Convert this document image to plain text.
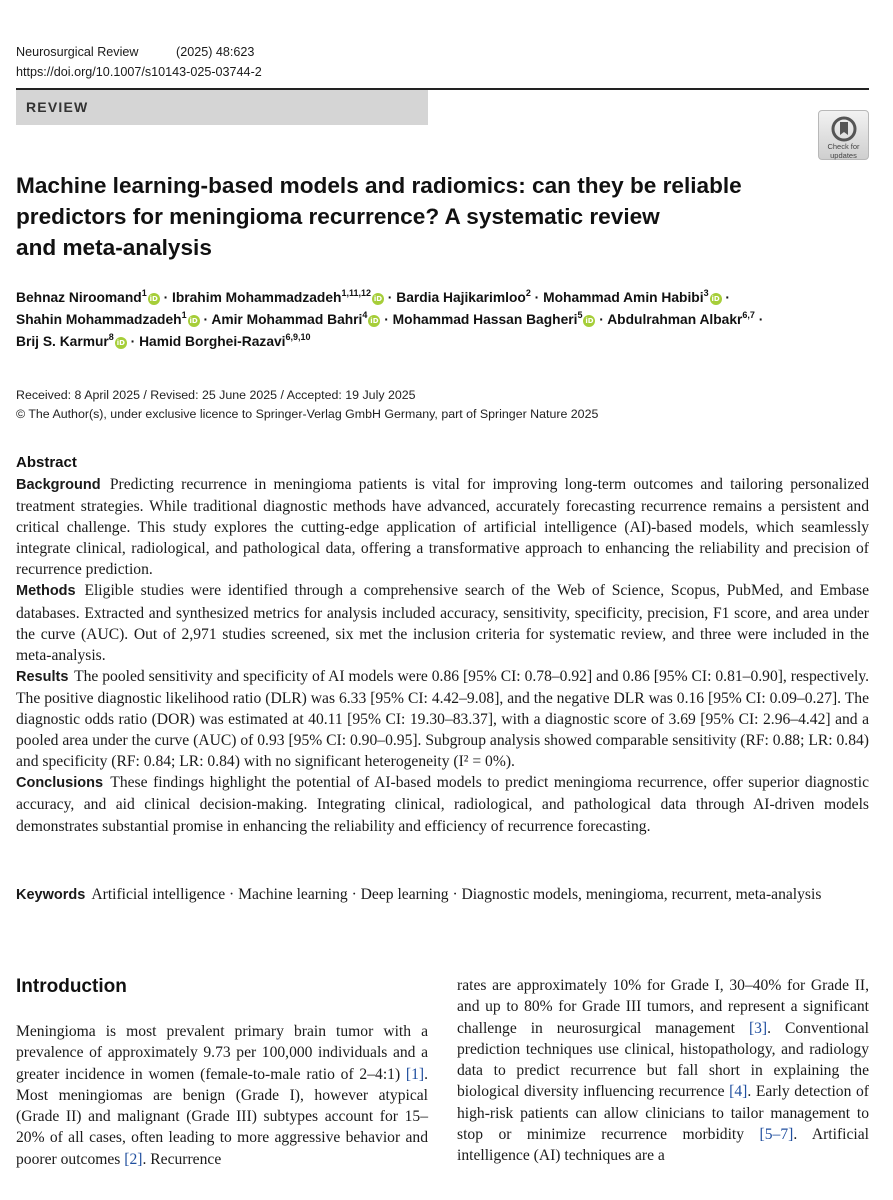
Neurosurgical Review	(2025) 48:623
https://doi.org/10.1007/s10143-025-03744-2
REVIEW
Check for
updates
Machine learning-based models and radiomics: can they be reliable
predictors for meningioma recurrence? A systematic review
and meta-analysis
Behnaz Niroomand$^1$iD · Ibrahim Mohammadzadeh$^{1,11,12}$iD · Bardia Hajikarimloo$^2$ · Mohammad Amin Habibi$^3$iD ·
Shahin Mohammadzadeh$^1$iD · Amir Mohammad Bahri$^4$iD · Mohammad Hassan Bagheri$^5$iD · Abdulrahman Albakr$^{6,7}$ ·
Brij S. Karmur$^8$iD · Hamid Borghei-Razavi$^{6,9,10}$
Received: 8 April 2025 / Revised: 25 June 2025 / Accepted: 19 July 2025
© The Author(s), under exclusive licence to Springer-Verlag GmbH Germany, part of Springer Nature 2025
Abstract

Background Predicting recurrence in meningioma patients is vital for improving long-term outcomes and tailoring personalized treatment strategies. While traditional diagnostic methods have advanced, accurately forecasting recurrence remains a persistent and critical challenge. This study explores the cutting-edge application of artificial intelligence (AI)-based models, which seamlessly integrate clinical, radiological, and pathological data, offering a transformative approach to enhancing the reliability and precision of recurrence prediction.

Methods Eligible studies were identified through a comprehensive search of the Web of Science, Scopus, PubMed, and Embase databases. Extracted and synthesized metrics for analysis included accuracy, sensitivity, specificity, precision, F1 score, and area under the curve (AUC). Out of 2,971 studies screened, six met the inclusion criteria for systematic review, and three were included in the meta-analysis.

Results The pooled sensitivity and specificity of AI models were 0.86 [95% CI: 0.78–0.92] and 0.86 [95% CI: 0.81–0.90], respectively. The positive diagnostic likelihood ratio (DLR) was 6.33 [95% CI: 4.42–9.08], and the negative DLR was 0.16 [95% CI: 0.09–0.27]. The diagnostic odds ratio (DOR) was estimated at 40.11 [95% CI: 19.30–83.37], with a diagnostic score of 3.69 [95% CI: 2.96–4.42] and a pooled area under the curve (AUC) of 0.93 [95% CI: 0.90–0.95]. Subgroup analysis showed comparable sensitivity (RF: 0.88; LR: 0.84) and specificity (RF: 0.84; LR: 0.84) with no significant heterogeneity (I² = 0%).

Conclusions These findings highlight the potential of AI-based models to predict meningioma recurrence, offer superior diagnostic accuracy, and aid clinical decision-making. Integrating clinical, radiological, and pathological data through AI-driven models demonstrates substantial promise in enhancing the reliability and efficiency of recurrence forecasting.

Keywords Artificial intelligence · Machine learning · Deep learning · Diagnostic models, meningioma, recurrent, meta-analysis
Introduction
Meningioma is most prevalent primary brain tumor with a prevalence of approximately 9.73 per 100,000 individuals and a greater incidence in women (female-to-male ratio of 2–4:1) [1]. Most meningiomas are benign (Grade I), however atypical (Grade II) and malignant (Grade III) subtypes account for 15–20% of all cases, often leading to more aggressive behavior and poorer outcomes [2]. Recurrence
rates are approximately 10% for Grade I, 30–40% for Grade II, and up to 80% for Grade III tumors, and represent a significant challenge in neurosurgical management [3]. Conventional prediction techniques use clinical, histopathology, and radiology data to predict recurrence but fall short in explaining the biological diversity influencing recurrence [4]. Early detection of high-risk patients can allow clinicians to tailor management to stop or minimize recurrence morbidity [5–7]. Artificial intelligence (AI) techniques are a
